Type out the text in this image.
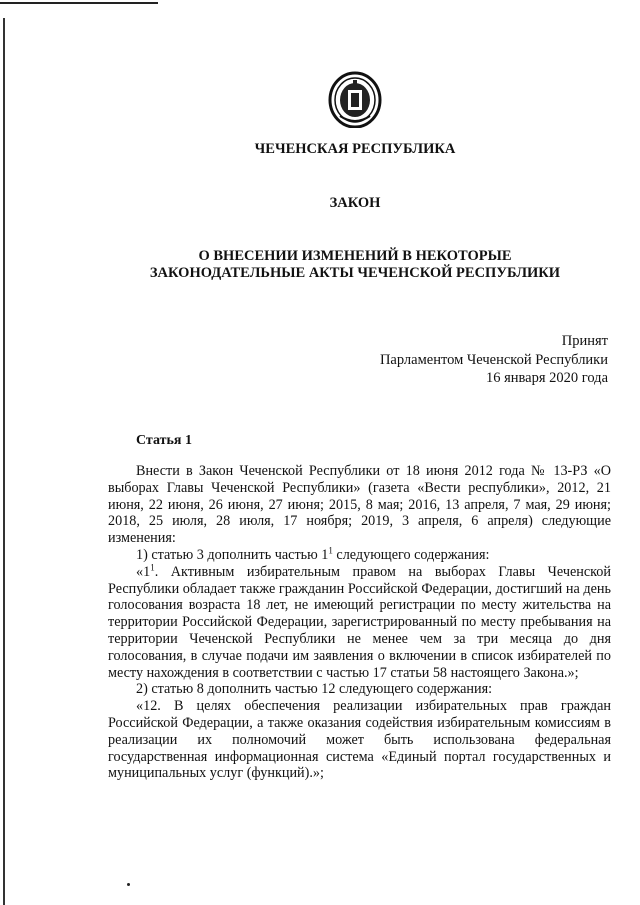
ЧЕЧЕНСКАЯ РЕСПУБЛИКА
ЗАКОН
О ВНЕСЕНИИ ИЗМЕНЕНИЙ В НЕКОТОРЫЕ
ЗАКОНОДАТЕЛЬНЫЕ АКТЫ ЧЕЧЕНСКОЙ РЕСПУБЛИКИ
Принят
Парламентом Чеченской Республики
16 января 2020 года
Статья 1

Внести в Закон Чеченской Республики от 18 июня 2012 года № 13-РЗ «О выборах Главы Чеченской Республики» (газета «Вести республики», 2012, 21 июня, 22 июня, 26 июня, 27 июня; 2015, 8 мая; 2016, 13 апреля, 7 мая, 29 июня; 2018, 25 июля, 28 июля, 17 ноября; 2019, 3 апреля, 6 апреля) следующие изменения:

1) статью 3 дополнить частью $1^1$ следующего содержания:

«$1^1$. Активным избирательным правом на выборах Главы Чеченской Республики обладает также гражданин Российской Федерации, достигший на день голосования возраста 18 лет, не имеющий регистрации по месту жительства на территории Российской Федерации, зарегистрированный по месту пребывания на территории Чеченской Республики не менее чем за три месяца до дня голосования, в случае подачи им заявления о включении в список избирателей по месту нахождения в соответствии с частью 17 статьи 58 настоящего Закона.»;

2) статью 8 дополнить частью 12 следующего содержания:

«12. В целях обеспечения реализации избирательных прав граждан Российской Федерации, а также оказания содействия избирательным комиссиям в реализации их полномочий может быть использована федеральная государственная информационная система «Единый портал государственных и муниципальных услуг (функций).»;
